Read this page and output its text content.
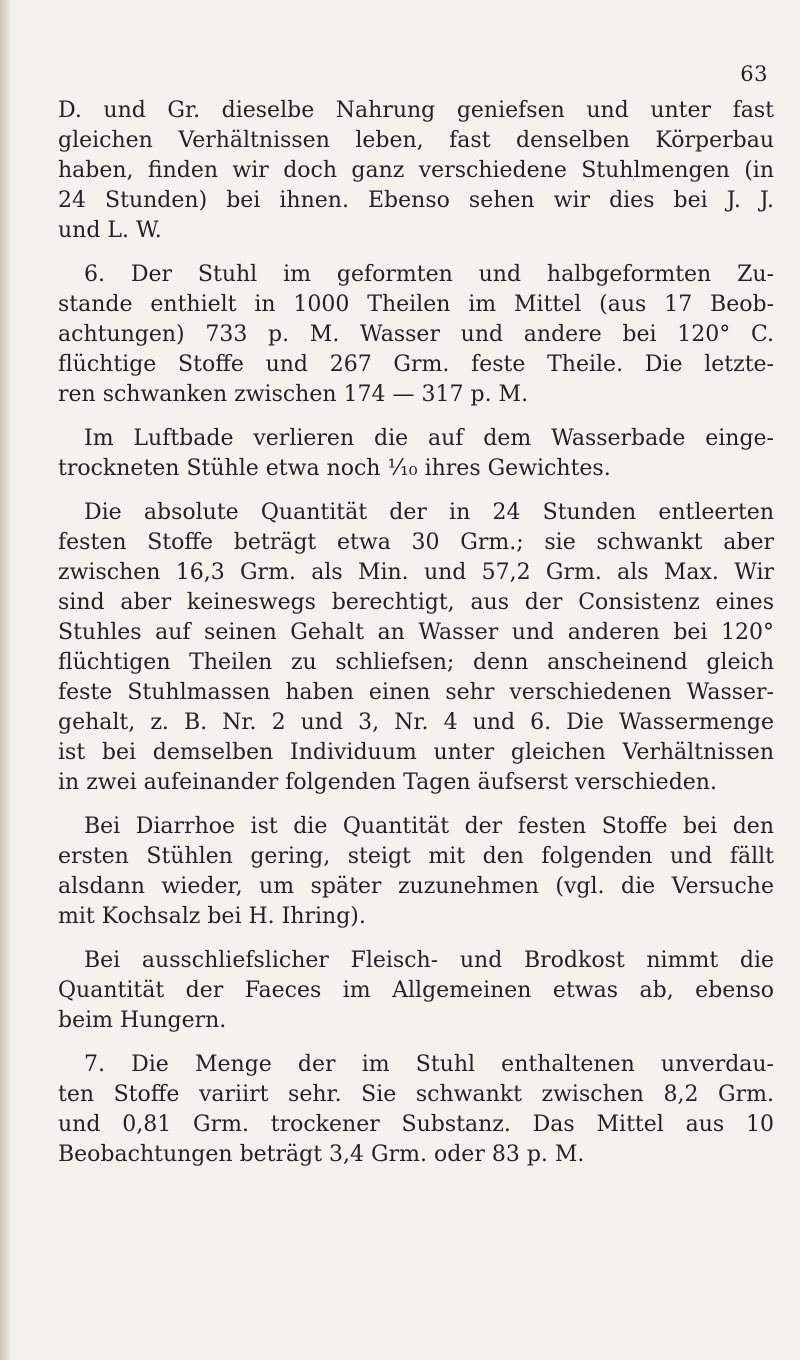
63

D. und Gr. dieselbe Nahrung geniefsen und unter fast
gleichen Verhältnissen leben, fast denselben Körperbau
haben, finden wir doch ganz verschiedene Stuhlmengen (in
24 Stunden) bei ihnen. Ebenso sehen wir dies bei J. J.
und L. W.

6. Der Stuhl im geformten und halbgeformten Zu-
stande enthielt in 1000 Theilen im Mittel (aus 17 Beob-
achtungen) 733 p. M. Wasser und andere bei 120° C.
flüchtige Stoffe und 267 Grm. feste Theile. Die letzte-
ren schwanken zwischen 174 — 317 p. M.

Im Luftbade verlieren die auf dem Wasserbade einge-
trockneten Stühle etwa noch ¹⁄₁₀ ihres Gewichtes.

Die absolute Quantität der in 24 Stunden entleerten
festen Stoffe beträgt etwa 30 Grm.; sie schwankt aber
zwischen 16,3 Grm. als Min. und 57,2 Grm. als Max. Wir
sind aber keineswegs berechtigt, aus der Consistenz eines
Stuhles auf seinen Gehalt an Wasser und anderen bei 120°
flüchtigen Theilen zu schliefsen; denn anscheinend gleich
feste Stuhlmassen haben einen sehr verschiedenen Wasser-
gehalt, z. B. Nr. 2 und 3, Nr. 4 und 6. Die Wassermenge
ist bei demselben Individuum unter gleichen Verhältnissen
in zwei aufeinander folgenden Tagen äufserst verschieden.

Bei Diarrhoe ist die Quantität der festen Stoffe bei den
ersten Stühlen gering, steigt mit den folgenden und fällt
alsdann wieder, um später zuzunehmen (vgl. die Versuche
mit Kochsalz bei H. Ihring).

Bei ausschliefslicher Fleisch- und Brodkost nimmt die
Quantität der Faeces im Allgemeinen etwas ab, ebenso
beim Hungern.

7. Die Menge der im Stuhl enthaltenen unverdau-
ten Stoffe variirt sehr. Sie schwankt zwischen 8,2 Grm.
und 0,81 Grm. trockener Substanz. Das Mittel aus 10
Beobachtungen beträgt 3,4 Grm. oder 83 p. M.
